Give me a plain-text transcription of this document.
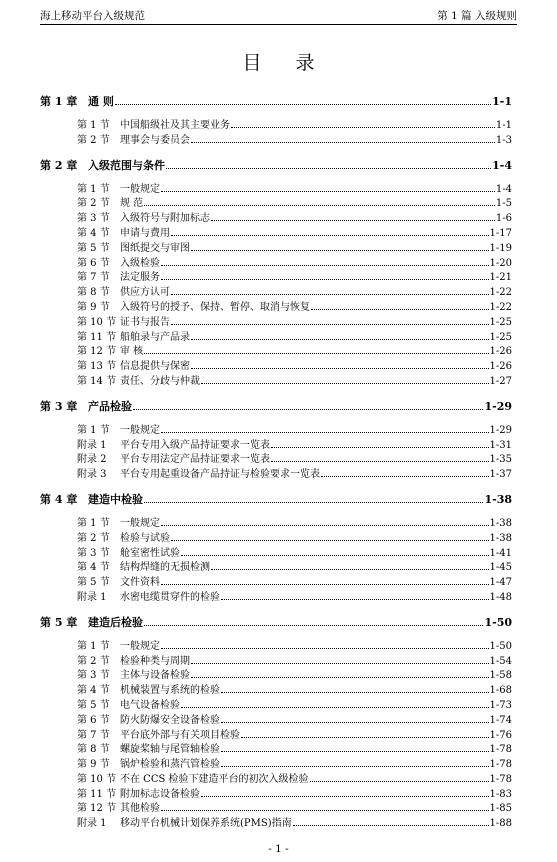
海上移动平台入级规范	第 1 篇 入级规则
目 录
第 1 章 通 则	1-1
第 1 节	中国船级社及其主要业务	1-1
第 2 节	理事会与委员会	1-3
第 2 章 入级范围与条件	1-4
第 1 节	一般规定	1-4
第 2 节	规 范	1-5
第 3 节	入级符号与附加标志	1-6
第 4 节	申请与费用	1-17
第 5 节	图纸提交与审图	1-19
第 6 节	入级检验	1-20
第 7 节	法定服务	1-21
第 8 节	供应方认可	1-22
第 9 节	入级符号的授予、保持、暂停、取消与恢复	1-22
第 10 节 证书与报告	1-25
第 11 节 船舶录与产品录	1-25
第 12 节 审 核	1-26
第 13 节 信息提供与保密	1-26
第 14 节 责任、分歧与仲裁	1-27
第 3 章 产品检验	1-29
第 1 节	一般规定	1-29
附录 1	平台专用入级产品持证要求一览表	1-31
附录 2	平台专用法定产品持证要求一览表	1-35
附录 3	平台专用起重设备产品持证与检验要求一览表	1-37
第 4 章 建造中检验	1-38
第 1 节	一般规定	1-38
第 2 节	检验与试验	1-38
第 3 节	舱室密性试验	1-41
第 4 节	结构焊缝的无损检测	1-45
第 5 节	文件资料	1-47
附录 1	水密电缆贯穿件的检验	1-48
第 5 章 建造后检验	1-50
第 1 节	一般规定	1-50
第 2 节	检验种类与周期	1-54
第 3 节	主体与设备检验	1-58
第 4 节	机械装置与系统的检验	1-68
第 5 节	电气设备检验	1-73
第 6 节	防火防爆安全设备检验	1-74
第 7 节	平台底外部与有关项目检验	1-76
第 8 节	螺旋桨轴与尾管轴检验	1-78
第 9 节	锅炉检验和蒸汽管检验	1-78
第 10 节 不在 CCS 检验下建造平台的初次入级检验	1-78
第 11 节 附加标志设备检验	1-83
第 12 节 其他检验	1-85
附录 1	移动平台机械计划保养系统(PMS)指南	1-88
- 1 -
